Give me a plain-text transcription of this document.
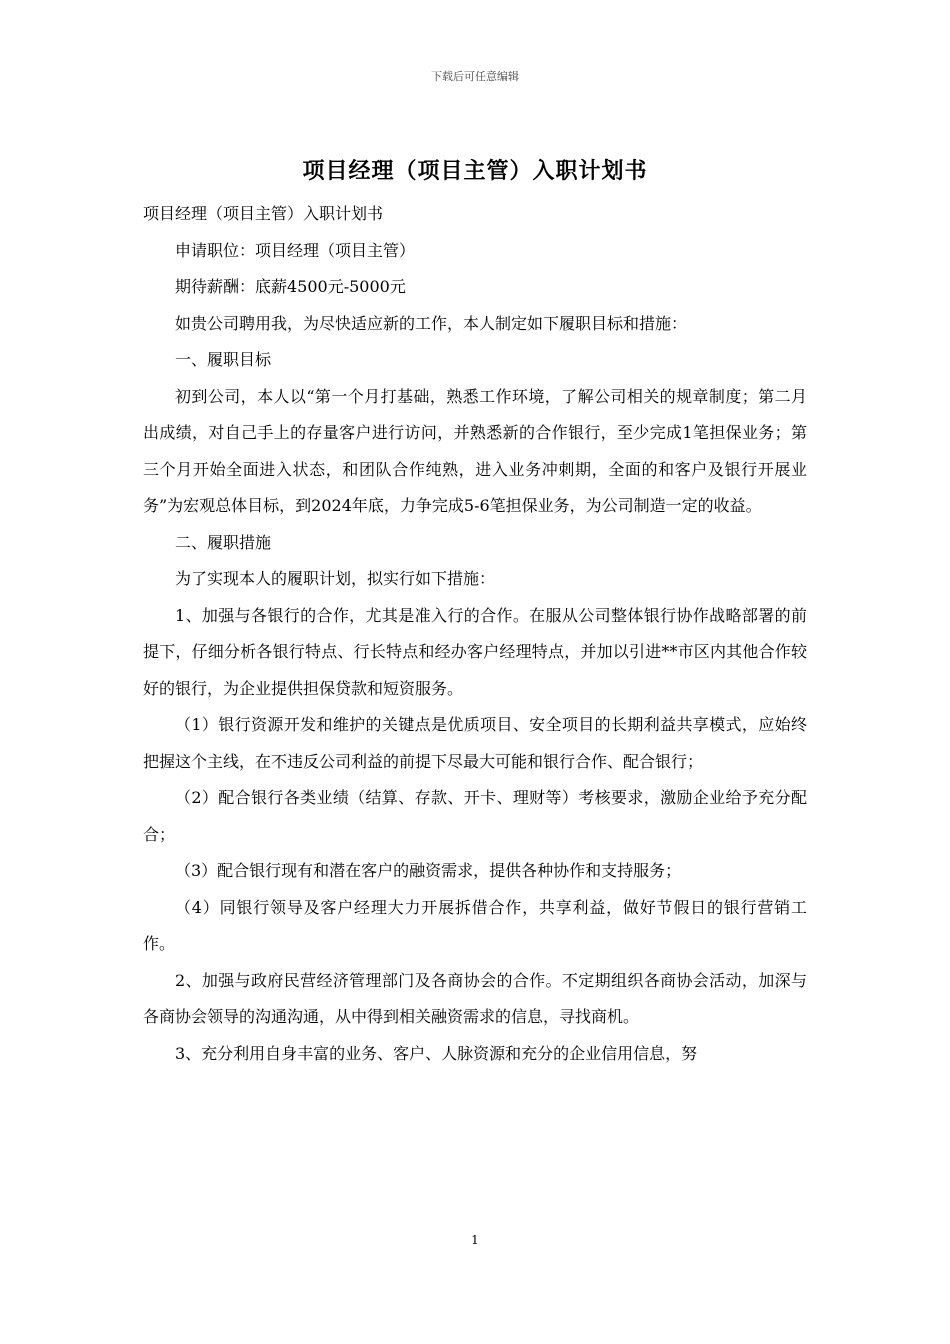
下载后可任意编辑
项目经理（项目主管）入职计划书

项目经理（项目主管）入职计划书

申请职位：项目经理（项目主管）

期待薪酬：底薪4500元-5000元

如贵公司聘用我，为尽快适应新的工作，本人制定如下履职目标和措施：

一、履职目标

初到公司，本人以“第一个月打基础，熟悉工作环境，了解公司相关的规章制度；第二月出成绩，对自己手上的存量客户进行访问，并熟悉新的合作银行，至少完成1笔担保业务；第三个月开始全面进入状态，和团队合作纯熟，进入业务冲刺期，全面的和客户及银行开展业务”为宏观总体目标，到2024年底，力争完成5-6笔担保业务，为公司制造一定的收益。

二、履职措施

为了实现本人的履职计划，拟实行如下措施：

1、加强与各银行的合作，尤其是准入行的合作。在服从公司整体银行协作战略部署的前提下，仔细分析各银行特点、行长特点和经办客户经理特点，并加以引进**市区内其他合作较好的银行，为企业提供担保贷款和短资服务。

（1）银行资源开发和维护的关键点是优质项目、安全项目的长期利益共享模式，应始终把握这个主线，在不违反公司利益的前提下尽最大可能和银行合作、配合银行；

（2）配合银行各类业绩（结算、存款、开卡、理财等）考核要求，激励企业给予充分配合；

（3）配合银行现有和潜在客户的融资需求，提供各种协作和支持服务；

（4）同银行领导及客户经理大力开展拆借合作，共享利益，做好节假日的银行营销工作。

2、加强与政府民营经济管理部门及各商协会的合作。不定期组织各商协会活动，加深与各商协会领导的沟通沟通，从中得到相关融资需求的信息，寻找商机。

3、充分利用自身丰富的业务、客户、人脉资源和充分的企业信用信息，努

1
